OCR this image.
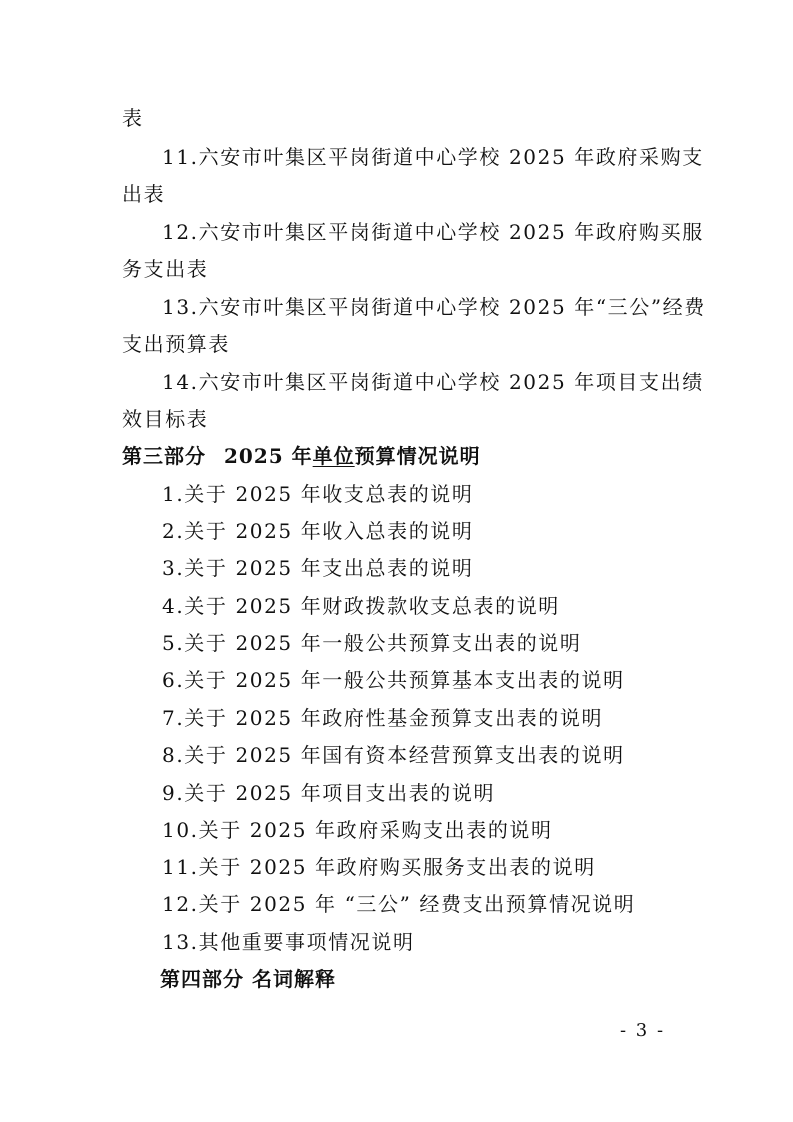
表
11.六安市叶集区平岗街道中心学校 2025 年政府采购支
出表
12.六安市叶集区平岗街道中心学校 2025 年政府购买服
务支出表
13.六安市叶集区平岗街道中心学校 2025 年“三公”经费
支出预算表
14.六安市叶集区平岗街道中心学校 2025 年项目支出绩
效目标表
第三部分 2025 年单位预算情况说明
1.关于 2025 年收支总表的说明
2.关于 2025 年收入总表的说明
3.关于 2025 年支出总表的说明
4.关于 2025 年财政拨款收支总表的说明
5.关于 2025 年一般公共预算支出表的说明
6.关于 2025 年一般公共预算基本支出表的说明
7.关于 2025 年政府性基金预算支出表的说明
8.关于 2025 年国有资本经营预算支出表的说明
9.关于 2025 年项目支出表的说明
10.关于 2025 年政府采购支出表的说明
11.关于 2025 年政府购买服务支出表的说明
12.关于 2025 年 “三公” 经费支出预算情况说明
13.其他重要事项情况说明
第四部分 名词解释
- 3 -
